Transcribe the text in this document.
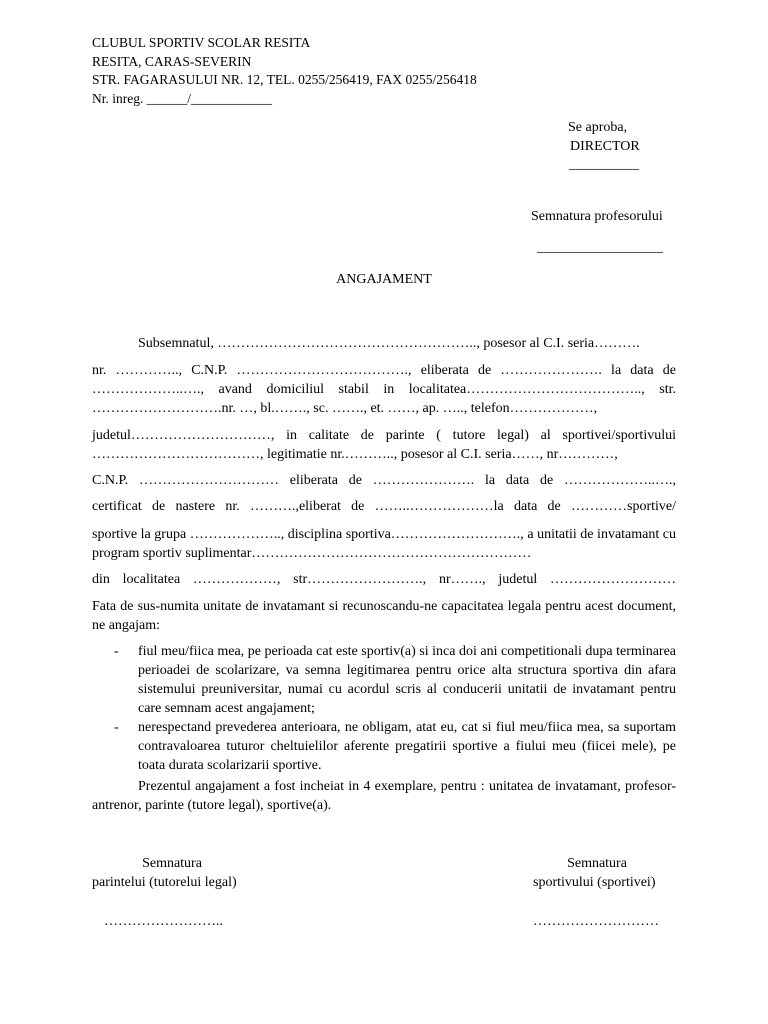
CLUBUL SPORTIV SCOLAR RESITA
RESITA, CARAS-SEVERIN
STR. FAGARASULUI NR. 12, TEL. 0255/256419, FAX 0255/256418
Nr. inreg. ______/____________
Se aproba,
DIRECTOR
__________
Semnatura profesorului
__________________
ANGAJAMENT
Subsemnatul, ……………………………………………….., posesor al C.I. seria……….
nr. ………….., C.N.P. ………………………………., eliberata de …………………. la data de ………………..…., avand domiciliul stabil in localitatea……………………………….., str. ……………………….nr. …, bl.……., sc. ……., et. ……, ap. ….., telefon………………,
judetul…………………………, in calitate de parinte ( tutore legal) al sportivei/sportivului ………………………………, legitimatie nr.……….., posesor al C.I. seria……, nr…………,
C.N.P. ………………………… eliberata de …………………. la data de ………………..….,
certificat de nastere nr. ……….,eliberat de ……..………………la data de …………sportive/
sportive la grupa ……………….., disciplina sportiva………………………., a unitatii de invatamant cu program sportiv suplimentar……………………………………………………
din localitatea ………………, str……………………., nr……., judetul ………………………
Fata de sus-numita unitate de invatamant si recunoscandu-ne capacitatea legala pentru acest document, ne angajam:
- fiul meu/fiica mea, pe perioada cat este sportiv(a) si inca doi ani competitionali dupa terminarea perioadei de scolarizare, va semna legitimarea pentru orice alta structura sportiva din afara sistemului preuniversitar, numai cu acordul scris al conducerii unitatii de invatamant pentru care semnam acest angajament;
- nerespectand prevederea anterioara, ne obligam, atat eu, cat si fiul meu/fiica mea, sa suportam contravaloarea tuturor cheltuielilor aferente pregatirii sportive a fiului meu (fiicei mele), pe toata durata scolarizarii sportive.
Prezentul angajament a fost incheiat in 4 exemplare, pentru : unitatea de invatamant, profesor-antrenor, parinte (tutore legal), sportive(a).
Semnatura
parintelui (tutorelui legal)
……………………..
Semnatura
sportivului (sportivei)
………………………
